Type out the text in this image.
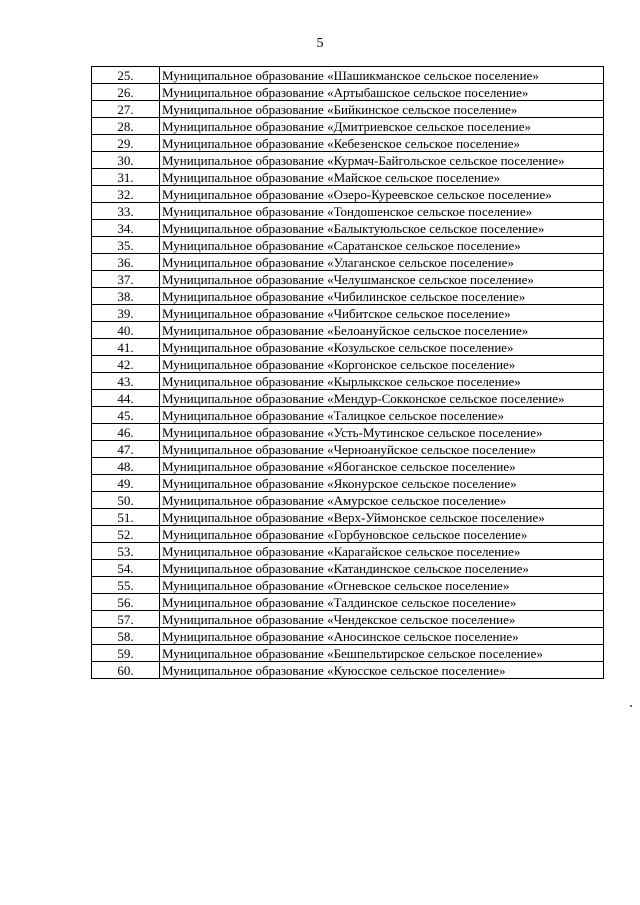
5
25.	Муниципальное образование «Шашикманское сельское поселение»
26.	Муниципальное образование «Артыбашское сельское поселение»
27.	Муниципальное образование «Бийкинское сельское поселение»
28.	Муниципальное образование «Дмитриевское сельское поселение»
29.	Муниципальное образование «Кебезенское сельское поселение»
30.	Муниципальное образование «Курмач-Байгольское сельское поселение»
31.	Муниципальное образование «Майское сельское поселение»
32.	Муниципальное образование «Озеро-Куреевское сельское поселение»
33.	Муниципальное образование «Тондошенское сельское поселение»
34.	Муниципальное образование «Балыктуюльское сельское поселение»
35.	Муниципальное образование «Саратанское сельское поселение»
36.	Муниципальное образование «Улаганское сельское поселение»
37.	Муниципальное образование «Челушманское сельское поселение»
38.	Муниципальное образование «Чибилинское сельское поселение»
39.	Муниципальное образование «Чибитское сельское поселение»
40.	Муниципальное образование «Белоануйское сельское поселение»
41.	Муниципальное образование «Козульское сельское поселение»
42.	Муниципальное образование «Коргонское сельское поселение»
43.	Муниципальное образование «Кырлыкское сельское поселение»
44.	Муниципальное образование «Мендур-Сокконское сельское поселение»
45.	Муниципальное образование «Талицкое сельское поселение»
46.	Муниципальное образование «Усть-Мутинское сельское поселение»
47.	Муниципальное образование «Черноануйское сельское поселение»
48.	Муниципальное образование «Ябоганское сельское поселение»
49.	Муниципальное образование «Яконурское сельское поселение»
50.	Муниципальное образование «Амурское сельское поселение»
51.	Муниципальное образование «Верх-Уймонское сельское поселение»
52.	Муниципальное образование «Горбуновское сельское поселение»
53.	Муниципальное образование «Карагайское сельское поселение»
54.	Муниципальное образование «Катандинское сельское поселение»
55.	Муниципальное образование «Огневское сельское поселение»
56.	Муниципальное образование «Талдинское сельское поселение»
57.	Муниципальное образование «Чендекское сельское поселение»
58.	Муниципальное образование «Аносинское сельское поселение»
59.	Муниципальное образование «Бешпельтирское сельское поселение»
60.	Муниципальное образование «Куюсское сельское поселение»
